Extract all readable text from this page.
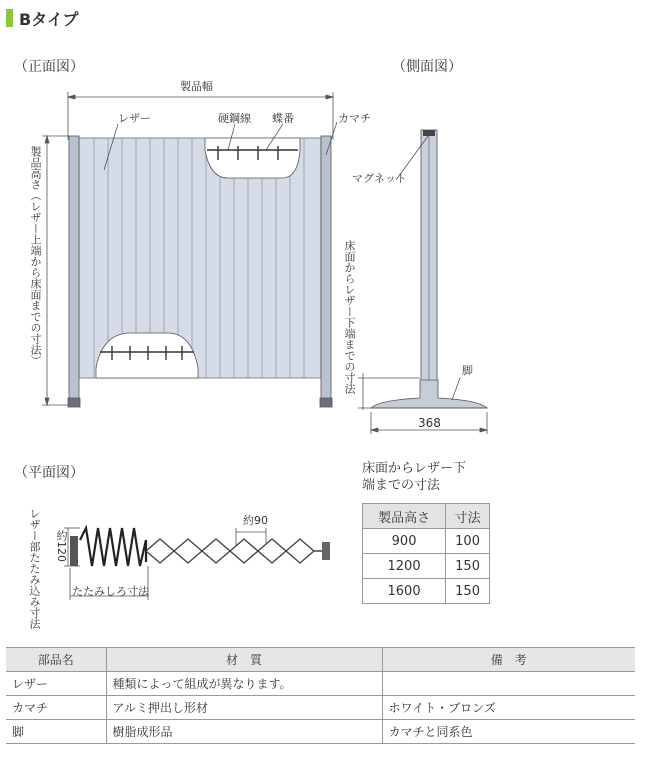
Bタイプ
（正面図）
製品幅
レザー	硬鋼線 蝶番	カマチ
製品高さ（レザー上端から床面までの寸法）
（側面図）
マグネット
床面からレザー下端までの寸法	脚
368
（平面図）
約90
レザー部たたみ込み寸法 約120
たたみしろ寸法
床面からレザー下端までの寸法
製品高さ	寸法
900	100
1200	150
1600	150
部品名	材　質	備　考
レザー	種類によって組成が異なります。	
カマチ	アルミ押出し形材	ホワイト・ブロンズ
脚	樹脂成形品	カマチと同系色
